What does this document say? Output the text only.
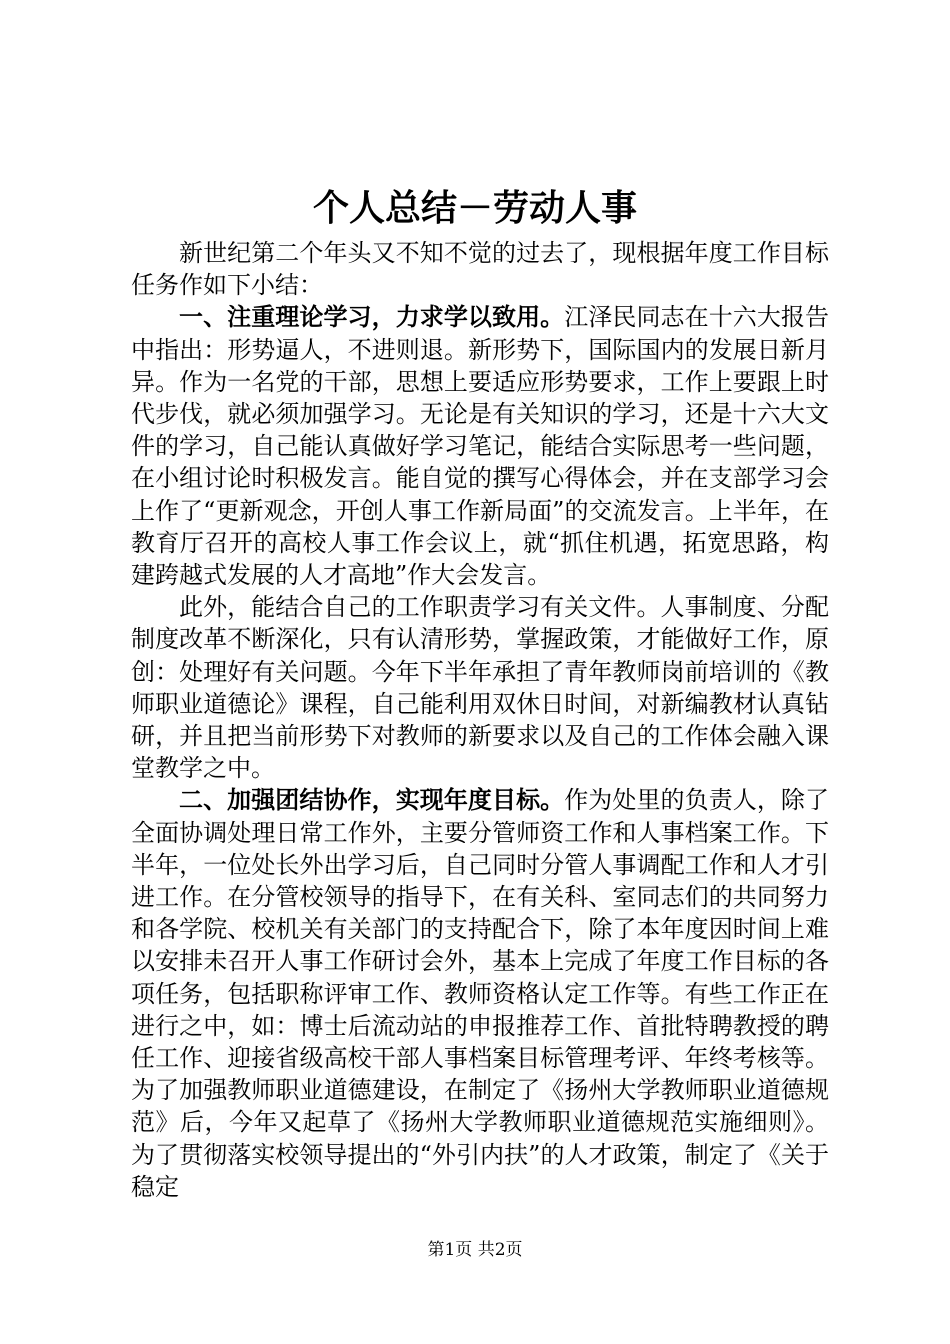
个人总结－劳动人事

新世纪第二个年头又不知不觉的过去了，现根据年度工作目标任务作如下小结：

一、注重理论学习，力求学以致用。江泽民同志在十六大报告中指出：形势逼人，不进则退。新形势下，国际国内的发展日新月异。作为一名党的干部，思想上要适应形势要求，工作上要跟上时代步伐，就必须加强学习。无论是有关知识的学习，还是十六大文件的学习，自己能认真做好学习笔记，能结合实际思考一些问题，在小组讨论时积极发言。能自觉的撰写心得体会，并在支部学习会上作了“更新观念，开创人事工作新局面”的交流发言。上半年，在教育厅召开的高校人事工作会议上，就“抓住机遇，拓宽思路，构建跨越式发展的人才高地”作大会发言。

此外，能结合自己的工作职责学习有关文件。人事制度、分配制度改革不断深化，只有认清形势，掌握政策，才能做好工作，原创：处理好有关问题。今年下半年承担了青年教师岗前培训的《教师职业道德论》课程，自己能利用双休日时间，对新编教材认真钻研，并且把当前形势下对教师的新要求以及自己的工作体会融入课堂教学之中。

二、加强团结协作，实现年度目标。作为处里的负责人，除了全面协调处理日常工作外，主要分管师资工作和人事档案工作。下半年，一位处长外出学习后，自己同时分管人事调配工作和人才引进工作。在分管校领导的指导下，在有关科、室同志们的共同努力和各学院、校机关有关部门的支持配合下，除了本年度因时间上难以安排未召开人事工作研讨会外，基本上完成了年度工作目标的各项任务，包括职称评审工作、教师资格认定工作等。有些工作正在进行之中，如：博士后流动站的申报推荐工作、首批特聘教授的聘任工作、迎接省级高校干部人事档案目标管理考评、年终考核等。为了加强教师职业道德建设，在制定了《扬州大学教师职业道德规范》后，今年又起草了《扬州大学教师职业道德规范实施细则》。为了贯彻落实校领导提出的“外引内扶”的人才政策，制定了《关于稳定

第1页 共2页
